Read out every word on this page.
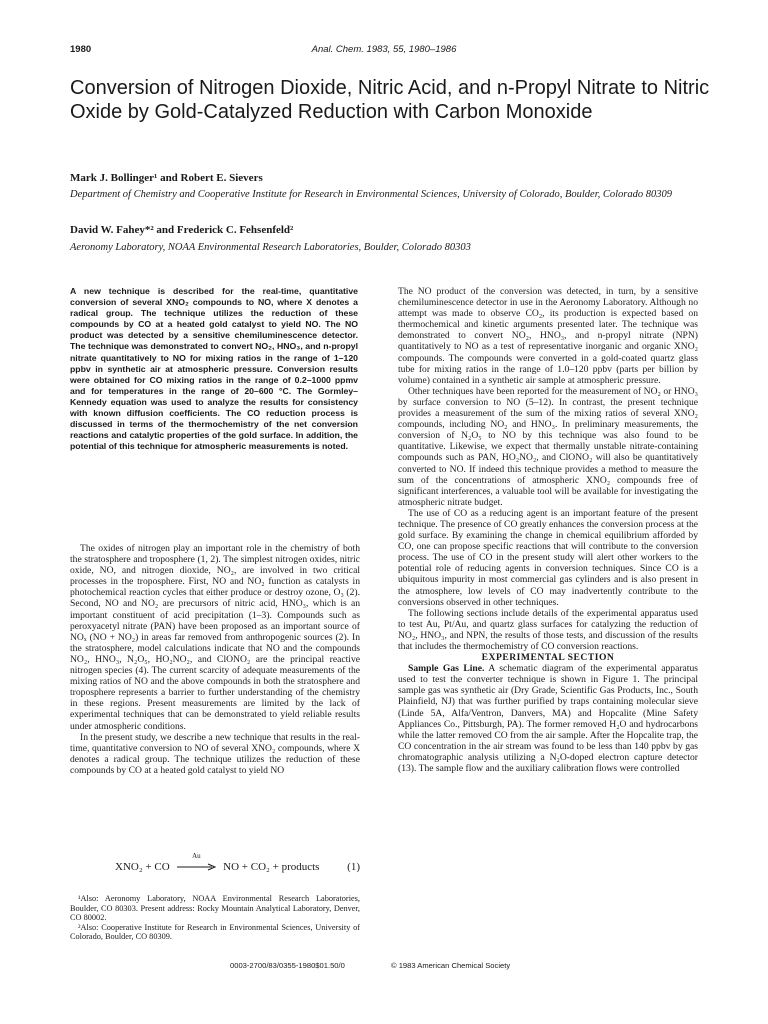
1980	Anal. Chem. 1983, 55, 1980–1986
Conversion of Nitrogen Dioxide, Nitric Acid, and n-Propyl Nitrate to Nitric Oxide by Gold-Catalyzed Reduction with Carbon Monoxide
Mark J. Bollinger¹ and Robert E. Sievers
Department of Chemistry and Cooperative Institute for Research in Environmental Sciences, University of Colorado, Boulder, Colorado 80309
David W. Fahey*² and Frederick C. Fehsenfeld²
Aeronomy Laboratory, NOAA Environmental Research Laboratories, Boulder, Colorado 80303

A new technique is described for the real-time, quantitative conversion of several XNO₂ compounds to NO, where X denotes a radical group. The technique utilizes the reduction of these compounds by CO at a heated gold catalyst to yield NO. The NO product was detected by a sensitive chemiluminescence detector. The technique was demonstrated to convert NO₂, HNO₃, and n-propyl nitrate quantitatively to NO for mixing ratios in the range of 1–120 ppbv in synthetic air at atmospheric pressure. Conversion results were obtained for CO mixing ratios in the range of 0.2–1000 ppmv and for temperatures in the range of 20–600 °C. The Gormley–Kennedy equation was used to analyze the results for consistency with known diffusion coefficients. The CO reduction process is discussed in terms of the thermochemistry of the net conversion reactions and catalytic properties of the gold surface. In addition, the potential of this technique for atmospheric measurements is noted.

The oxides of nitrogen play an important role in the chemistry of both the stratosphere and troposphere (1, 2). The simplest nitrogen oxides, nitric oxide, NO, and nitrogen dioxide, NO₂, are involved in two critical processes in the troposphere. First, NO and NO₂ function as catalysts in photochemical reaction cycles that either produce or destroy ozone, O₃ (2). Second, NO and NO₂ are precursors of nitric acid, HNO₃, which is an important constituent of acid precipitation (1–3). Compounds such as peroxyacetyl nitrate (PAN) have been proposed as an important source of NOₓ (NO + NO₂) in areas far removed from anthropogenic sources (2). In the stratosphere, model calculations indicate that NO and the compounds NO₂, HNO₃, N₂O₅, HO₂NO₂, and ClONO₂ are the principal reactive nitrogen species (4). The current scarcity of adequate measurements of the mixing ratios of NO and the above compounds in both the stratosphere and troposphere represents a barrier to further understanding of the chemistry in these regions. Present measurements are limited by the lack of experimental techniques that can be demonstrated to yield reliable results under atmospheric conditions.

In the present study, we describe a new technique that results in the real-time, quantitative conversion to NO of several XNO₂ compounds, where X denotes a radical group. The technique utilizes the reduction of these compounds by CO at a heated gold catalyst to yield NO

XNO₂ + CO
Au
NO + CO₂ + products	(1)

¹Also: Aeronomy Laboratory, NOAA Environmental Research Laboratories, Boulder, CO 80303. Present address: Rocky Mountain Analytical Laboratory, Denver, CO 80002.

²Also: Cooperative Institute for Research in Environmental Sciences, University of Colorado, Boulder, CO 80309.

The NO product of the conversion was detected, in turn, by a sensitive chemiluminescence detector in use in the Aeronomy Laboratory. Although no attempt was made to observe CO₂, its production is expected based on thermochemical and kinetic arguments presented later. The technique was demonstrated to convert NO₂, HNO₃, and n-propyl nitrate (NPN) quantitatively to NO as a test of representative inorganic and organic XNO₂ compounds. The compounds were converted in a gold-coated quartz glass tube for mixing ratios in the range of 1.0–120 ppbv (parts per billion by volume) contained in a synthetic air sample at atmospheric pressure.

Other techniques have been reported for the measurement of NO₂ or HNO₃ by surface conversion to NO (5–12). In contrast, the present technique provides a measurement of the sum of the mixing ratios of several XNO₂ compounds, including NO₂ and HNO₃. In preliminary measurements, the conversion of N₂O₅ to NO by this technique was also found to be quantitative. Likewise, we expect that thermally unstable nitrate-containing compounds such as PAN, HO₂NO₂, and ClONO₂ will also be quantitatively converted to NO. If indeed this technique provides a method to measure the sum of the concentrations of atmospheric XNO₂ compounds free of significant interferences, a valuable tool will be available for investigating the atmospheric nitrate budget.

The use of CO as a reducing agent is an important feature of the present technique. The presence of CO greatly enhances the conversion process at the gold surface. By examining the change in chemical equilibrium afforded by CO, one can propose specific reactions that will contribute to the conversion process. The use of CO in the present study will alert other workers to the potential role of reducing agents in conversion techniques. Since CO is a ubiquitous impurity in most commercial gas cylinders and is also present in the atmosphere, low levels of CO may inadvertently contribute to the conversions observed in other techniques.

The following sections include details of the experimental apparatus used to test Au, Pt/Au, and quartz glass surfaces for catalyzing the reduction of NO₂, HNO₃, and NPN, the results of those tests, and discussion of the results that includes the thermochemistry of CO conversion reactions.

EXPERIMENTAL SECTION

Sample Gas Line. A schematic diagram of the experimental apparatus used to test the converter technique is shown in Figure 1. The principal sample gas was synthetic air (Dry Grade, Scientific Gas Products, Inc., South Plainfield, NJ) that was further purified by traps containing molecular sieve (Linde 5A, Alfa/Ventron, Danvers, MA) and Hopcalite (Mine Safety Appliances Co., Pittsburgh, PA). The former removed H₂O and hydrocarbons while the latter removed CO from the air sample. After the Hopcalite trap, the CO concentration in the air stream was found to be less than 140 ppbv by gas chromatographic analysis utilizing a N₂O-doped electron capture detector (13). The sample flow and the auxiliary calibration flows were controlled

0003-2700/83/0355-1980$01.50/0	© 1983 American Chemical Society
